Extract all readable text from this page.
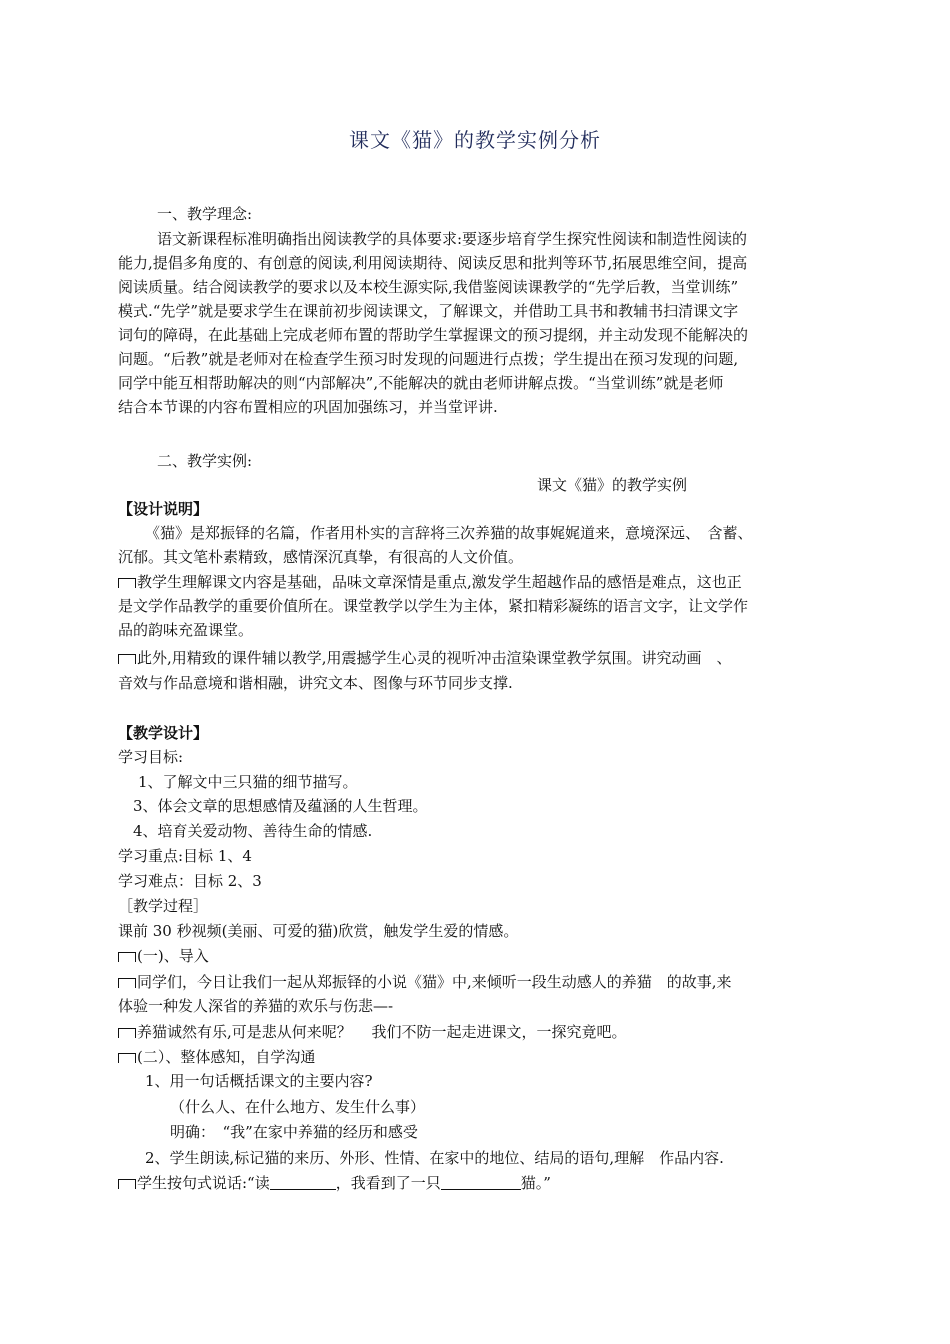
课文《猫》的教学实例分析
一、教学理念:
语文新课程标准明确指出阅读教学的具体要求:要逐步培育学生探究性阅读和制造性阅读的
能力,提倡多角度的、有创意的阅读,利用阅读期待、阅读反思和批判等环节,拓展思维空间，提高
阅读质量。结合阅读教学的要求以及本校生源实际,我借鉴阅读课教学的“先学后教，当堂训练”
模式.“先学”就是要求学生在课前初步阅读课文，了解课文，并借助工具书和教辅书扫清课文字
词句的障碍，在此基础上完成老师布置的帮助学生掌握课文的预习提纲，并主动发现不能解决的
问题。“后教”就是老师对在检查学生预习时发现的问题进行点拨；学生提出在预习发现的问题,
同学中能互相帮助解决的则“内部解决”,不能解决的就由老师讲解点拨。“当堂训练”就是老师
结合本节课的内容布置相应的巩固加强练习，并当堂评讲.
二、教学实例:
课文《猫》的教学实例
【设计说明】
《猫》是郑振铎的名篇，作者用朴实的言辞将三次养猫的故事娓娓道来，意境深远、　含蓄、
沉郁。其文笔朴素精致，感情深沉真挚，有很高的人文价值。
教学生理解课文内容是基础，品味文章深情是重点,激发学生超越作品的感悟是难点，这也正
是文学作品教学的重要价值所在。课堂教学以学生为主体，紧扣精彩凝练的语言文字，让文学作
品的韵味充盈课堂。
此外,用精致的课件辅以教学,用震撼学生心灵的视听冲击渲染课堂教学氛围。讲究动画　、
音效与作品意境和谐相融，讲究文本、图像与环节同步支撑.
【教学设计】
学习目标:
1、了解文中三只猫的细节描写。
3、体会文章的思想感情及蕴涵的人生哲理。
4、培育关爱动物、善待生命的情感.
学习重点:目标 1、4
学习难点：目标 2、3
［教学过程］
课前 30 秒视频(美丽、可爱的猫)欣赏，触发学生爱的情感。
(一)、导入
同学们，今日让我们一起从郑振铎的小说《猫》中,来倾听一段生动感人的养猫　的故事,来
体验一种发人深省的养猫的欢乐与伤悲—-
养猫诚然有乐,可是悲从何来呢？　 我们不防一起走进课文，一探究竟吧。
(二）、整体感知，自学沟通
1、用一句话概括课文的主要内容?
（什么人、在什么地方、发生什么事）
明确：　“我”在家中养猫的经历和感受
2、学生朗读,标记猫的来历、外形、性情、在家中的地位、结局的语句,理解　作品内容.
学生按句式说话:“读	，我看到了一只	猫。”
